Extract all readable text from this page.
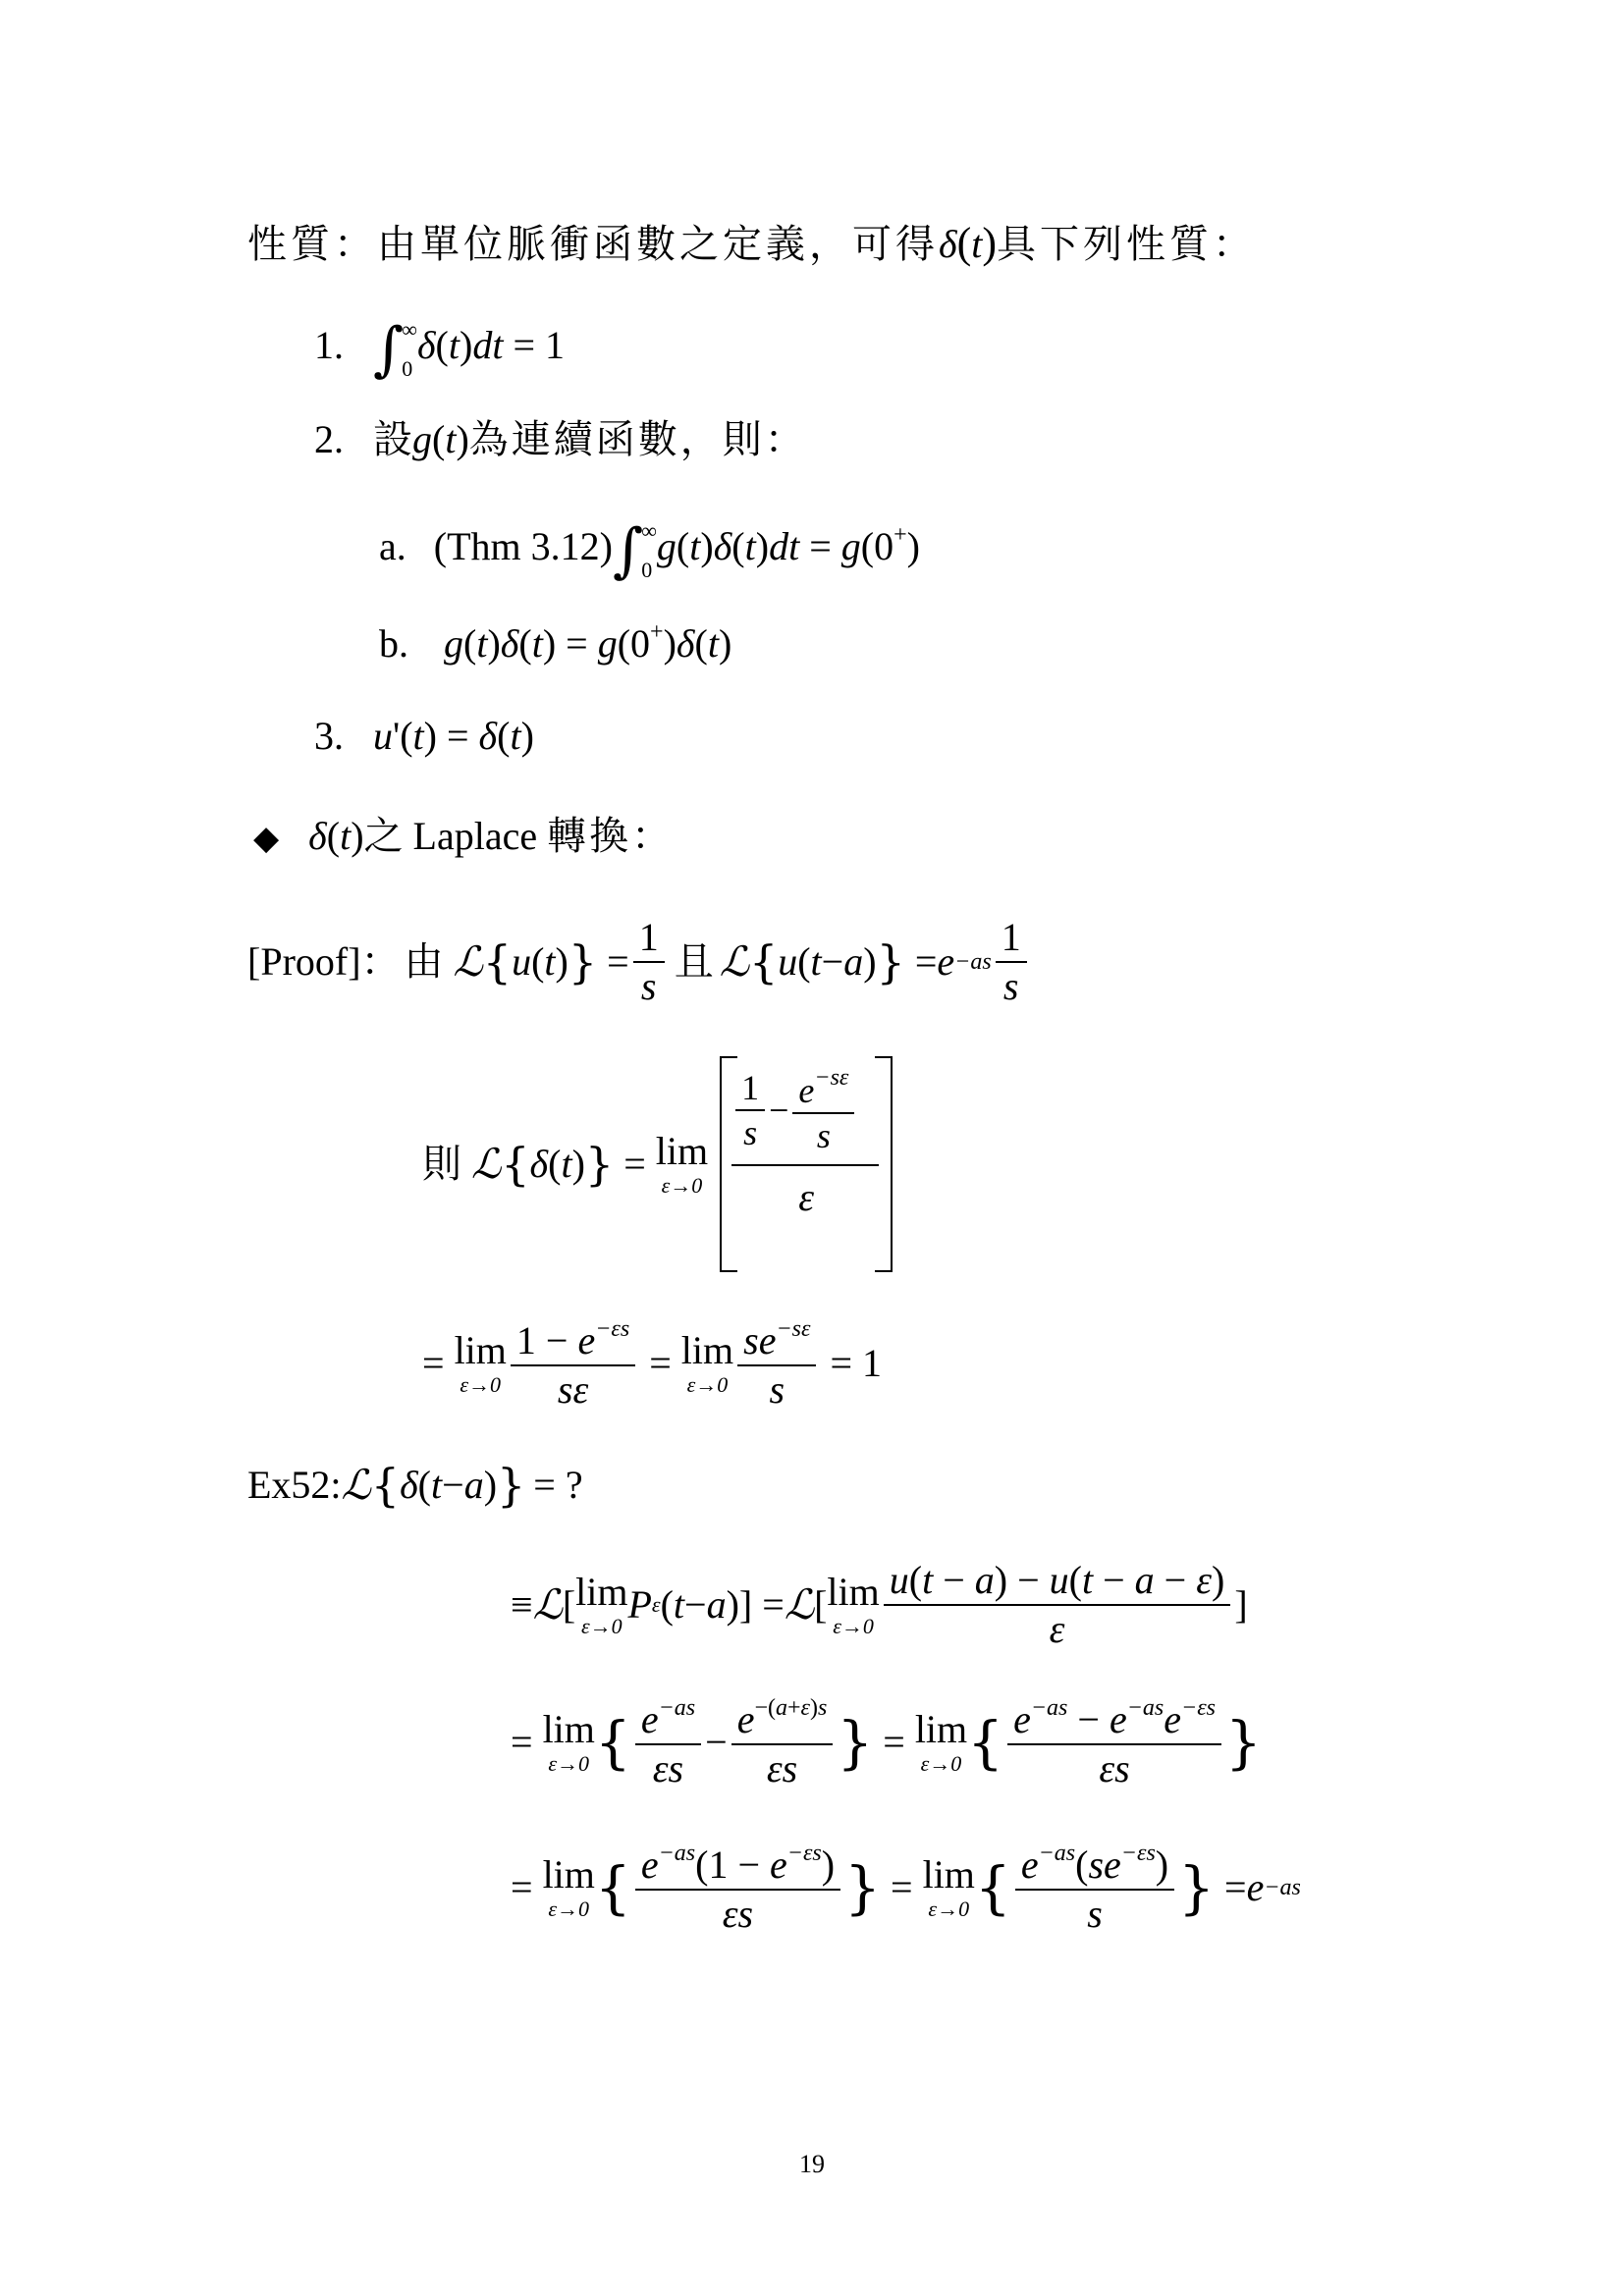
性質：由單位脈衝函數之定義，可得δ(t)具下列性質：
1. ∫
∞
0
δ(t)dt = 1
2. 設g(t)為連續函數，則：
a. (Thm 3.12)∫
∞
0
g(t)δ(t)dt = g(0+)
b. g(t)δ(t) = g(0+)δ(t)
3. u'(t) = δ(t)
◆ δ(t)之 Laplace 轉換：
[Proof]： 由 ℒ { u ( t ) } = $\frac{1}{s}$ 且 ℒ { u ( t − a ) } = $e -as \frac{1}{s}$
則 ℒ { δ ( t ) } = lim
ε→0
$\frac{1}{s} - \frac{e^{-s\varepsilon}}{s}$
ε
= lim
$\varepsilon\to 0 \frac{1 - e^{-\varepsilon s}}{s\varepsilon} = \lim$
$\varepsilon\to 0 \frac{se^{-s\varepsilon}}{s} = 1$
Ex52: ℒ { δ ( t − a ) } = ?
≡ ℒ [ lim
ε→0 P ε ( t − a )] = ℒ [ lim
$\varepsilon\to 0 \frac{u(t - a) - u(t - a - \varepsilon)}{\varepsilon}$ ]
= lim
ε→0 { $\frac{e^{-as}}{\varepsilon s} - \frac{e^{-(a+\varepsilon)s}}{\varepsilon s}$ } = lim
ε→0 { $\frac{e^{-as} - e^{-as}e^{-\varepsilon s}}{\varepsilon s}$ }
= lim
ε→0 { $\frac{e^{-as}(1 - e^{-\varepsilon s})}{\varepsilon s}$ } = lim
ε→0 { $\frac{e^{-as}(se^{-\varepsilon s})}{s}$ } = e −as
19
